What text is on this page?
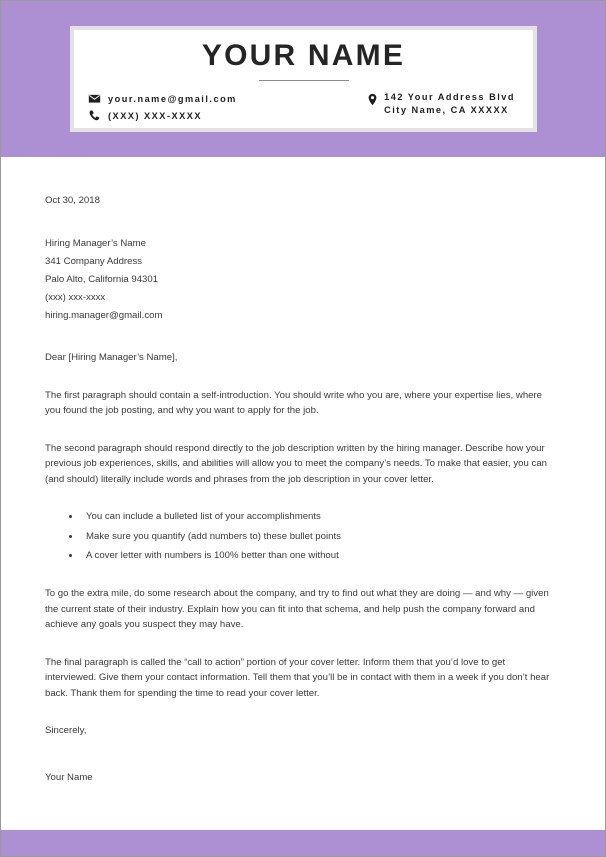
YOUR NAME
your.name@gmail.com
(XXX) XXX-XXXX
142 Your Address Blvd
City Name, CA XXXXX

Oct 30, 2018

Hiring Manager’s Name
341 Company Address
Palo Alto, California 94301
(xxx) xxx-xxxx
hiring.manager@gmail.com

Dear [Hiring Manager’s Name],

The first paragraph should contain a self-introduction. You should write who you are, where your expertise lies, where you found the job posting, and why you want to apply for the job.

The second paragraph should respond directly to the job description written by the hiring manager. Describe how your previous job experiences, skills, and abilities will allow you to meet the company’s needs. To make that easier, you can (and should) literally include words and phrases from the job description in your cover letter.

• You can include a bulleted list of your accomplishments
• Make sure you quantify (add numbers to) these bullet points
• A cover letter with numbers is 100% better than one without

To go the extra mile, do some research about the company, and try to find out what they are doing — and why — given the current state of their industry. Explain how you can fit into that schema, and help push the company forward and achieve any goals you suspect they may have.

The final paragraph is called the “call to action” portion of your cover letter. Inform them that you’d love to get interviewed. Give them your contact information. Tell them that you’ll be in contact with them in a week if you don’t hear back. Thank them for spending the time to read your cover letter.

Sincerely,

Your Name
